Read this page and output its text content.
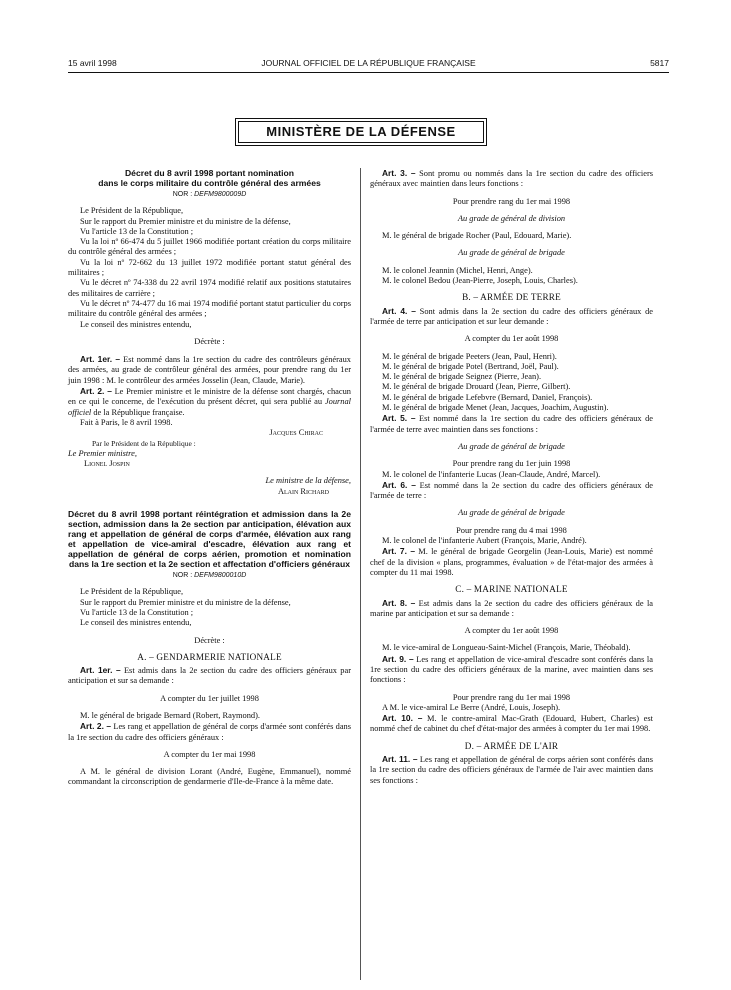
15 avril 1998	JOURNAL OFFICIEL DE LA RÉPUBLIQUE FRANÇAISE	5817
MINISTÈRE DE LA DÉFENSE

Décret du 8 avril 1998 portant nomination

dans le corps militaire du contrôle général des armées

NOR : DEFM9800009D

Le Président de la République,

Sur le rapport du Premier ministre et du ministre de la défense,

Vu l'article 13 de la Constitution ;

Vu la loi nº 66-474 du 5 juillet 1966 modifiée portant création du corps militaire du contrôle général des armées ;

Vu la loi nº 72-662 du 13 juillet 1972 modifiée portant statut général des militaires ;

Vu le décret nº 74-338 du 22 avril 1974 modifié relatif aux positions statutaires des militaires de carrière ;

Vu le décret nº 74-477 du 16 mai 1974 modifié portant statut particulier du corps militaire du contrôle général des armées ;

Le conseil des ministres entendu,

Décrète :

Art. 1er. – Est nommé dans la 1re section du cadre des contrôleurs généraux des armées, au grade de contrôleur général des armées, pour prendre rang du 1er juin 1998 : M. le contrôleur des armées Josselin (Jean, Claude, Marie).

Art. 2. – Le Premier ministre et le ministre de la défense sont chargés, chacun en ce qui le concerne, de l'exécution du présent décret, qui sera publié au Journal officiel de la République française.

Fait à Paris, le 8 avril 1998.

Jacques Chirac

Par le Président de la République :

Le Premier ministre,

Lionel Jospin

Le ministre de la défense,

Alain Richard

Décret du 8 avril 1998 portant réintégration et admission dans la 2e section, admission dans la 2e section par anticipation, élévation aux rang et appellation de général de corps d'armée, élévation aux rang et appellation de vice-amiral d'escadre, élévation aux rang et appellation de général de corps aérien, promotion et nomination dans la 1re section et la 2e section et affectation d'officiers généraux

NOR : DEFM9800010D

Le Président de la République,

Sur le rapport du Premier ministre et du ministre de la défense,

Vu l'article 13 de la Constitution ;

Le conseil des ministres entendu,

Décrète :

A. – GENDARMERIE NATIONALE

Art. 1er. – Est admis dans la 2e section du cadre des officiers généraux par anticipation et sur sa demande :

A compter du 1er juillet 1998

M. le général de brigade Bernard (Robert, Raymond).

Art. 2. – Les rang et appellation de général de corps d'armée sont conférés dans la 1re section du cadre des officiers généraux :

A compter du 1er mai 1998

A M. le général de division Lorant (André, Eugène, Emmanuel), nommé commandant la circonscription de gendarmerie d'Ile-de-France à la même date.

Art. 3. – Sont promu ou nommés dans la 1re section du cadre des officiers généraux avec maintien dans leurs fonctions :

Pour prendre rang du 1er mai 1998

Au grade de général de division

M. le général de brigade Rocher (Paul, Edouard, Marie).

Au grade de général de brigade

M. le colonel Jeannin (Michel, Henri, Ange).

M. le colonel Bedou (Jean-Pierre, Joseph, Louis, Charles).

B. – ARMÉE DE TERRE

Art. 4. – Sont admis dans la 2e section du cadre des officiers généraux de l'armée de terre par anticipation et sur leur demande :

A compter du 1er août 1998

M. le général de brigade Peeters (Jean, Paul, Henri).

M. le général de brigade Potel (Bertrand, Joël, Paul).

M. le général de brigade Seignez (Pierre, Jean).

M. le général de brigade Drouard (Jean, Pierre, Gilbert).

M. le général de brigade Lefebvre (Bernard, Daniel, François).

M. le général de brigade Menet (Jean, Jacques, Joachim, Augustin).

Art. 5. – Est nommé dans la 1re section du cadre des officiers généraux de l'armée de terre avec maintien dans ses fonctions :

Au grade de général de brigade

Pour prendre rang du 1er juin 1998

M. le colonel de l'infanterie Lucas (Jean-Claude, André, Marcel).

Art. 6. – Est nommé dans la 2e section du cadre des officiers généraux de l'armée de terre :

Au grade de général de brigade

Pour prendre rang du 4 mai 1998

M. le colonel de l'infanterie Aubert (François, Marie, André).

Art. 7. – M. le général de brigade Georgelin (Jean-Louis, Marie) est nommé chef de la division « plans, programmes, évaluation » de l'état-major des armées à compter du 11 mai 1998.

C. – MARINE NATIONALE

Art. 8. – Est admis dans la 2e section du cadre des officiers généraux de la marine par anticipation et sur sa demande :

A compter du 1er août 1998

M. le vice-amiral de Longueau-Saint-Michel (François, Marie, Théobald).

Art. 9. – Les rang et appellation de vice-amiral d'escadre sont conférés dans la 1re section du cadre des officiers généraux de la marine, avec maintien dans ses fonctions :

Pour prendre rang du 1er mai 1998

A M. le vice-amiral Le Berre (André, Louis, Joseph).

Art. 10. – M. le contre-amiral Mac-Grath (Edouard, Hubert, Charles) est nommé chef de cabinet du chef d'état-major des armées à compter du 1er mai 1998.

D. – ARMÉE DE L'AIR

Art. 11. – Les rang et appellation de général de corps aérien sont conférés dans la 1re section du cadre des officiers généraux de l'armée de l'air avec maintien dans ses fonctions :
